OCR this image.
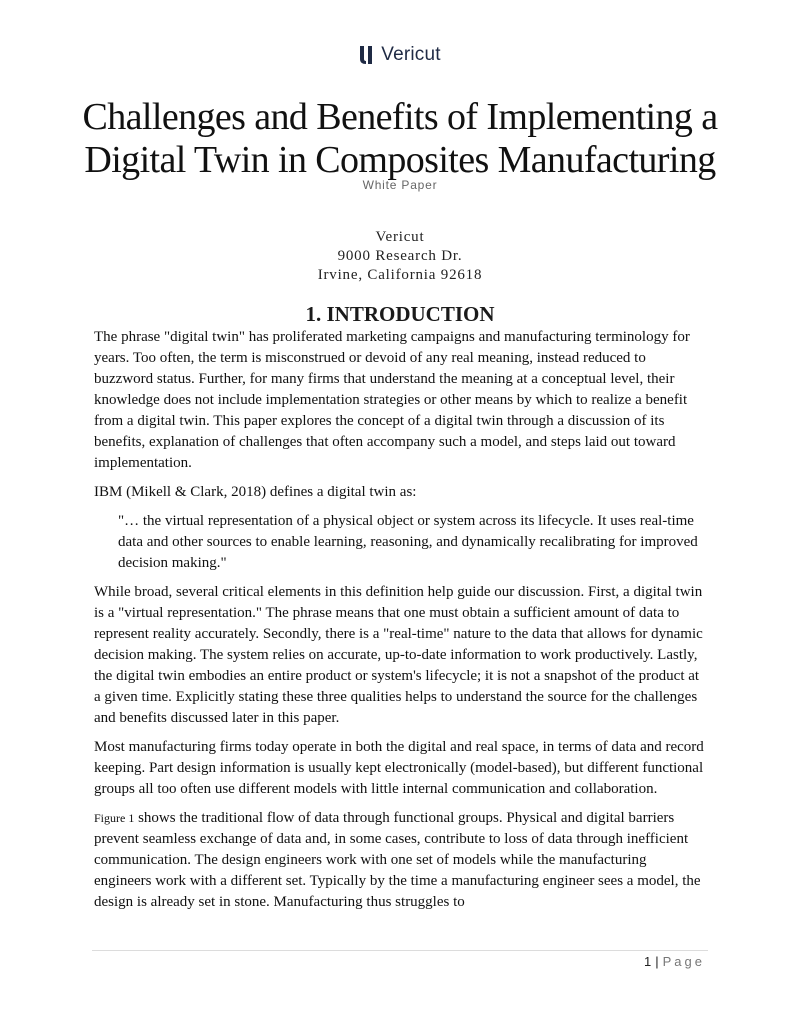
Vericut
Challenges and Benefits of Implementing a Digital Twin in Composites Manufacturing
White Paper
Vericut
9000 Research Dr.
Irvine, California 92618
1. INTRODUCTION

The phrase "digital twin" has proliferated marketing campaigns and manufacturing terminology for years. Too often, the term is misconstrued or devoid of any real meaning, instead reduced to buzzword status. Further, for many firms that understand the meaning at a conceptual level, their knowledge does not include implementation strategies or other means by which to realize a benefit from a digital twin. This paper explores the concept of a digital twin through a discussion of its benefits, explanation of challenges that often accompany such a model, and steps laid out toward implementation.

IBM (Mikell & Clark, 2018) defines a digital twin as:

"… the virtual representation of a physical object or system across its lifecycle. It uses real-time data and other sources to enable learning, reasoning, and dynamically recalibrating for improved decision making."

While broad, several critical elements in this definition help guide our discussion. First, a digital twin is a "virtual representation." The phrase means that one must obtain a sufficient amount of data to represent reality accurately. Secondly, there is a "real-time" nature to the data that allows for dynamic decision making. The system relies on accurate, up-to-date information to work productively. Lastly, the digital twin embodies an entire product or system's lifecycle; it is not a snapshot of the product at a given time. Explicitly stating these three qualities helps to understand the source for the challenges and benefits discussed later in this paper.

Most manufacturing firms today operate in both the digital and real space, in terms of data and record keeping. Part design information is usually kept electronically (model-based), but different functional groups all too often use different models with little internal communication and collaboration.

Figure 1 shows the traditional flow of data through functional groups. Physical and digital barriers prevent seamless exchange of data and, in some cases, contribute to loss of data through inefficient communication. The design engineers work with one set of models while the manufacturing engineers work with a different set. Typically by the time a manufacturing engineer sees a model, the design is already set in stone. Manufacturing thus struggles to

1 | Page
